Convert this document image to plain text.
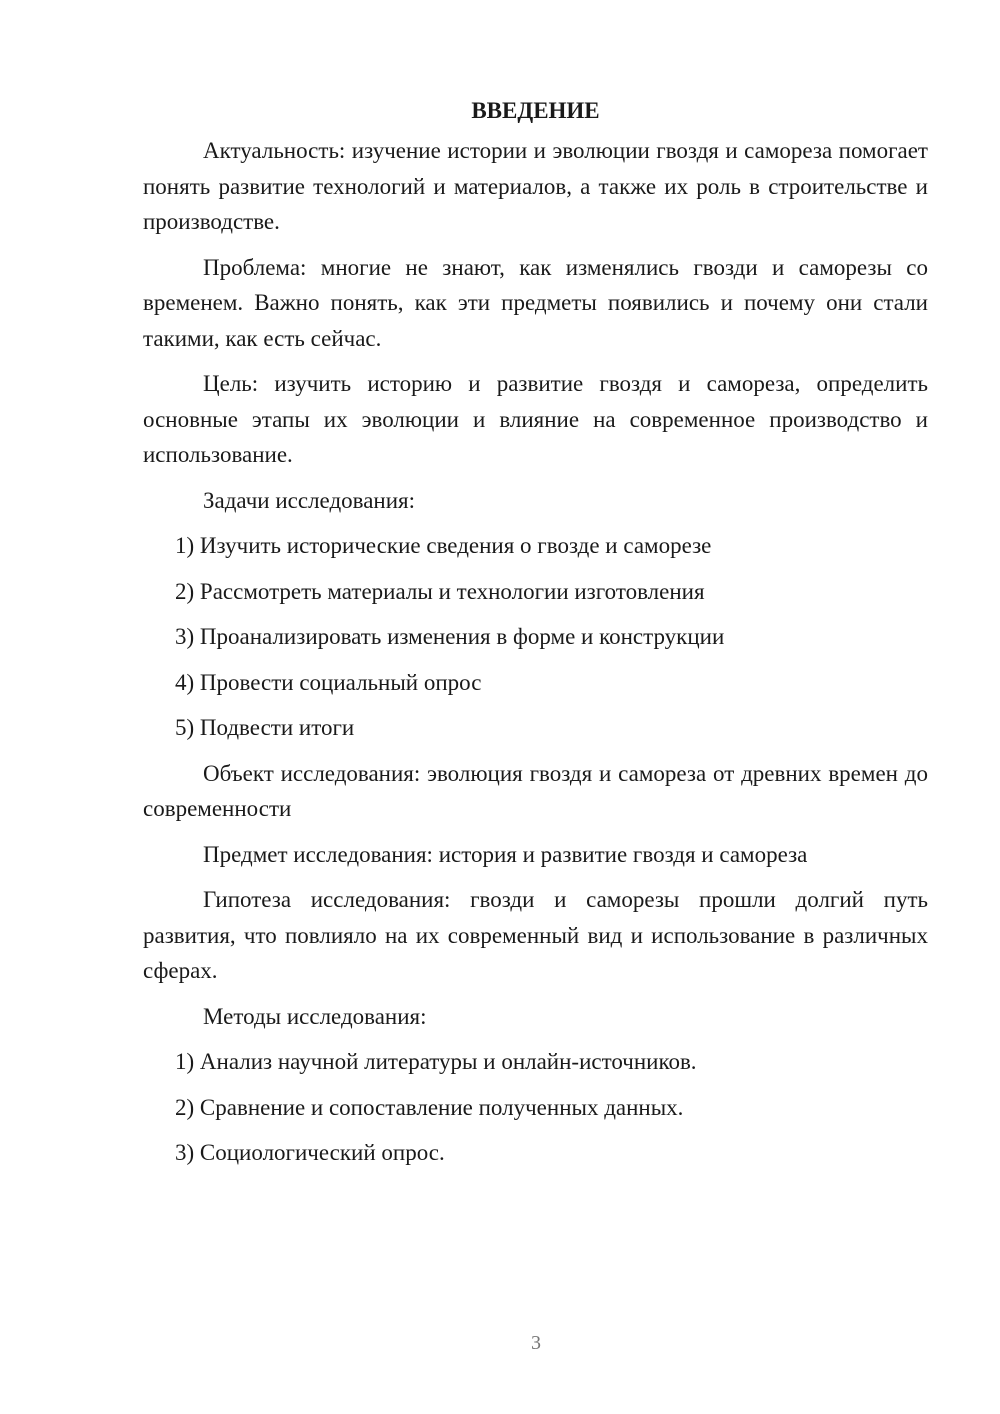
ВВЕДЕНИЕ

Актуальность: изучение истории и эволюции гвоздя и самореза помогает понять развитие технологий и материалов, а также их роль в строительстве и производстве.

Проблема: многие не знают, как изменялись гвозди и саморезы со временем. Важно понять, как эти предметы появились и почему они стали такими, как есть сейчас.

Цель: изучить историю и развитие гвоздя и самореза, определить основные этапы их эволюции и влияние на современное производство и использование.

Задачи исследования:

1) Изучить исторические сведения о гвозде и саморезе
2) Рассмотреть материалы и технологии изготовления
3) Проанализировать изменения в форме и конструкции
4) Провести социальный опрос
5) Подвести итоги

Объект исследования: эволюция гвоздя и самореза от древних времен до современности

Предмет исследования: история и развитие гвоздя и самореза

Гипотеза исследования: гвозди и саморезы прошли долгий путь развития, что повлияло на их современный вид и использование в различных сферах.

Методы исследования:

1) Анализ научной литературы и онлайн-источников.
2) Сравнение и сопоставление полученных данных.
3) Социологический опрос.
3
